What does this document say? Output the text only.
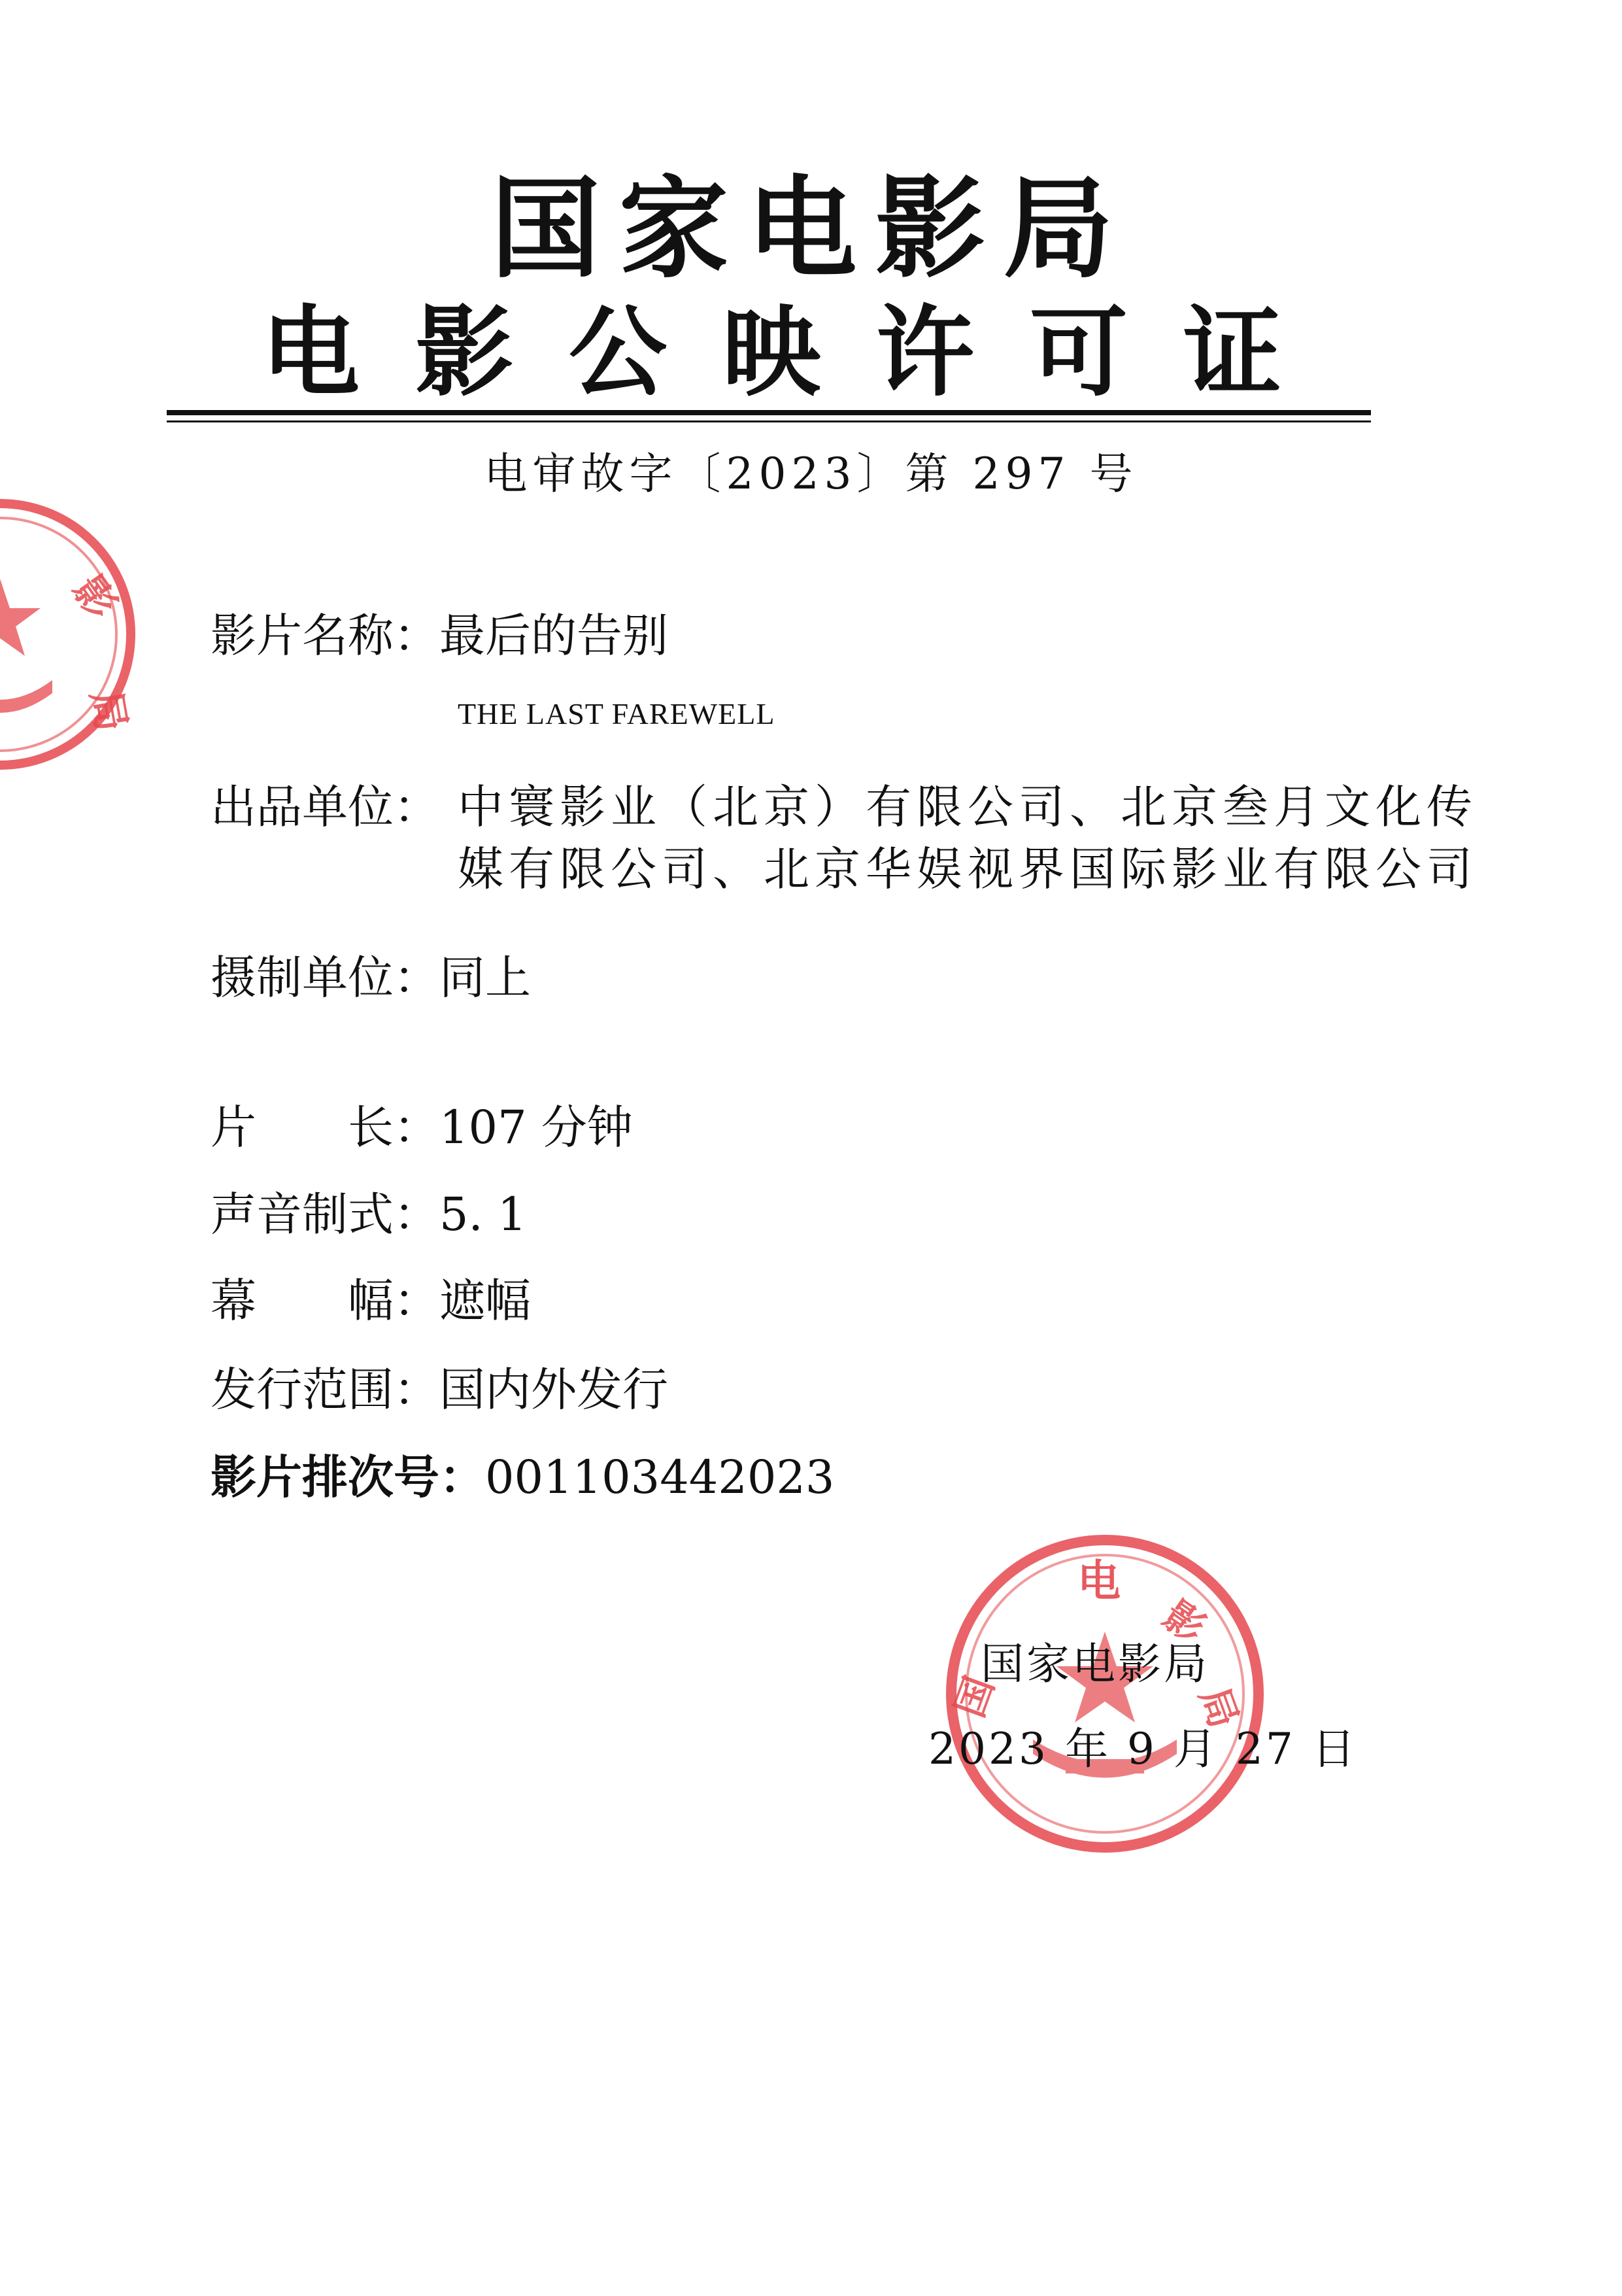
影
局
国家电影局
电 影 公 映 许 可 证
电审故字〔2023〕第 297 号
影片名称： 最后的告别
THE LAST FAREWELL
出品单位： 中寰影业（北京）有限公司、北京叁月文化传
媒有限公司、北京华娱视界国际影业有限公司
摄制单位： 同上
片　　长： 107 分钟
声音制式： 5. 1
幕　　幅： 遮幅
发行范围： 国内外发行
影片排次号： 001103442023
电
影
局
国
国家电影局
2023 年 9 月 27 日
